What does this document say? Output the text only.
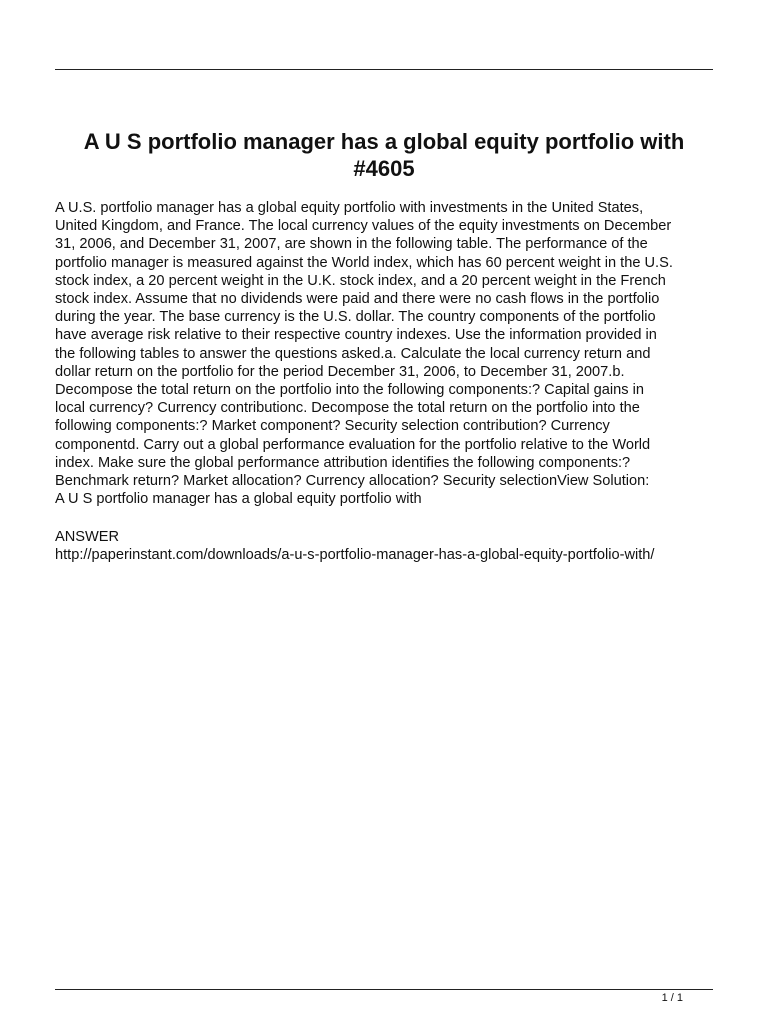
A U S portfolio manager has a global equity portfolio with
#4605
A U.S. portfolio manager has a global equity portfolio with investments in the United States,
United Kingdom, and France. The local currency values of the equity investments on December
31, 2006, and December 31, 2007, are shown in the following table. The performance of the
portfolio manager is measured against the World index, which has 60 percent weight in the U.S.
stock index, a 20 percent weight in the U.K. stock index, and a 20 percent weight in the French
stock index. Assume that no dividends were paid and there were no cash flows in the portfolio
during the year. The base currency is the U.S. dollar. The country components of the portfolio
have average risk relative to their respective country indexes. Use the information provided in
the following tables to answer the questions asked.a. Calculate the local currency return and
dollar return on the portfolio for the period December 31, 2006, to December 31, 2007.b.
Decompose the total return on the portfolio into the following components:? Capital gains in
local currency? Currency contributionc. Decompose the total return on the portfolio into the
following components:? Market component? Security selection contribution? Currency
componentd. Carry out a global performance evaluation for the portfolio relative to the World
index. Make sure the global performance attribution identifies the following components:?
Benchmark return? Market allocation? Currency allocation? Security selectionView Solution:
A U S portfolio manager has a global equity portfolio with
ANSWER
http://paperinstant.com/downloads/a-u-s-portfolio-manager-has-a-global-equity-portfolio-with/
1 / 1
